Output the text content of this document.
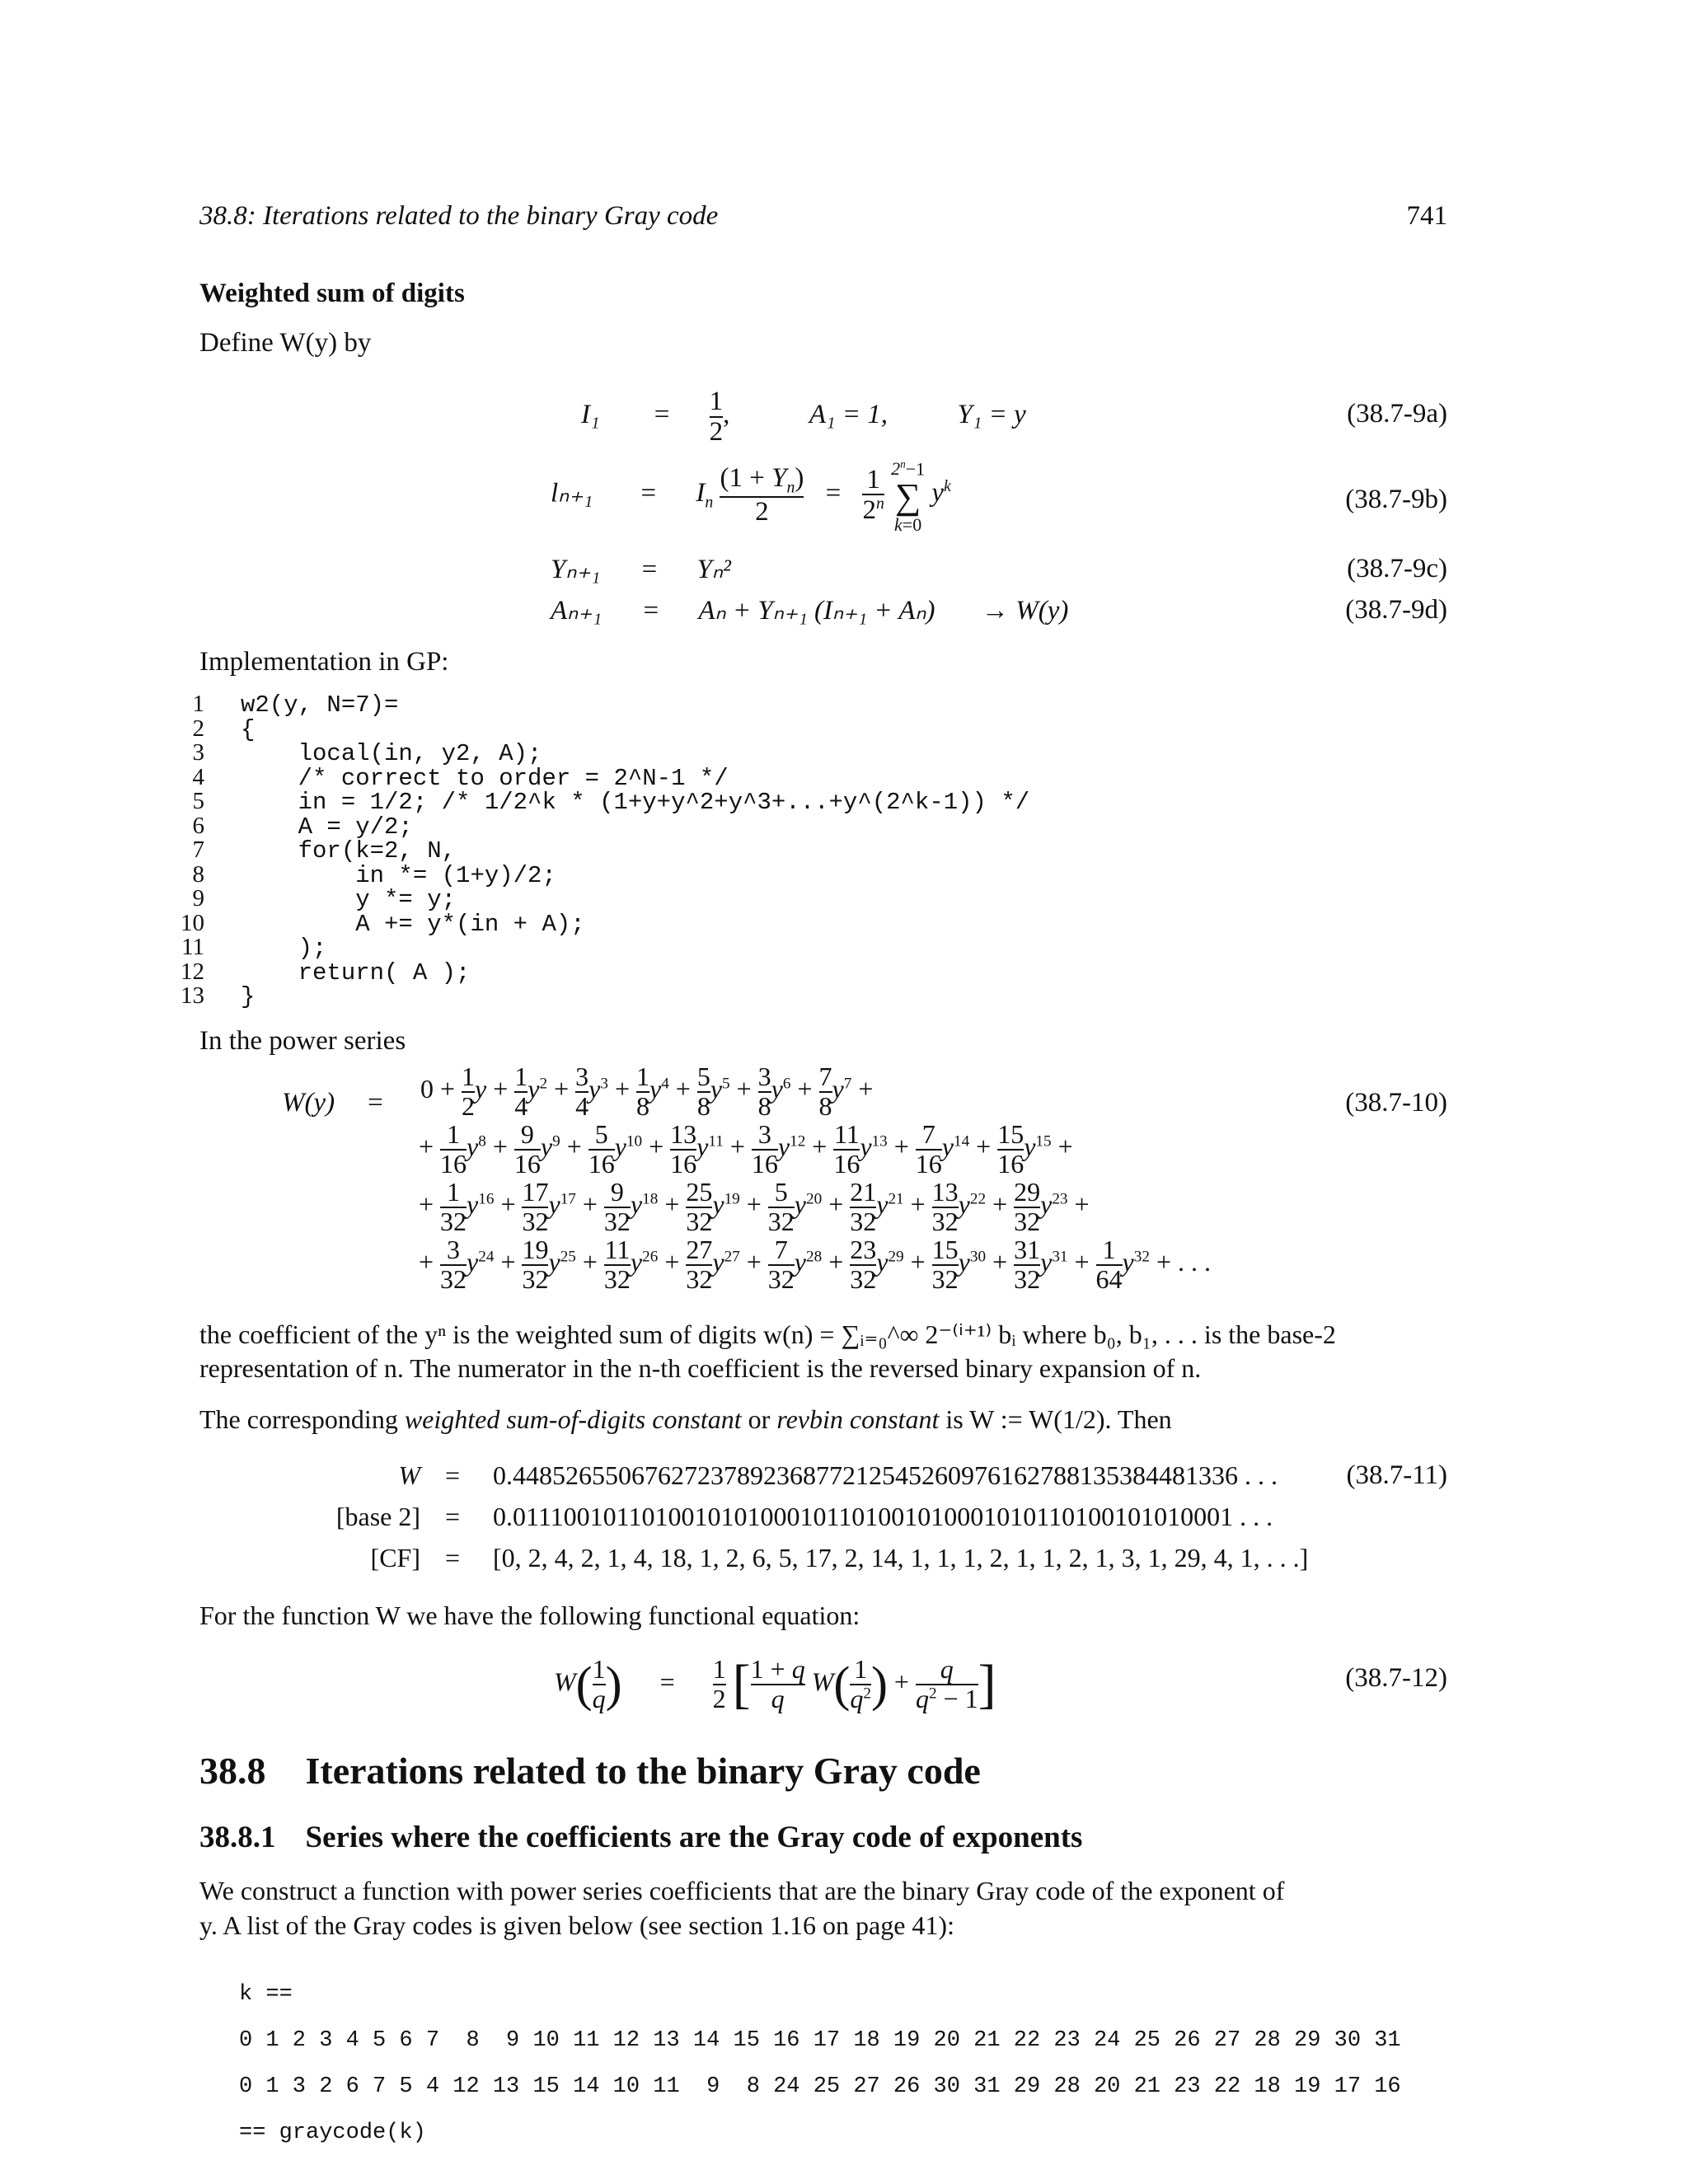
38.8: Iterations related to the binary Gray code	741
Weighted sum of digits
Define W(y) by
$I_1 = \frac{1}{2}$ ,	A₁ = 1,	Y₁ = y	(38.7-9a)
$l_{n+1} = I_n \frac{(1 + Y_n)}{2} = \frac{1}{2^n}$
$2^n-1$
∑
k=0
$y^k$	(38.7-9b)
Yₙ₊₁ = Yₙ²	(38.7-9c)
Aₙ₊₁ = Aₙ + Yₙ₊₁ (Iₙ₊₁ + Aₙ) → W(y)	(38.7-9d)
Implementation in GP:
1 w2(y, N=7)=
2 {
3    local(in, y2, A);
4    /* correct to order = 2^N-1 */
5    in = 1/2; /* 1/2^k * (1+y+y^2+y^3+...+y^(2^k-1)) */
6    A = y/2;
7    for(k=2, N,
8        in *= (1+y)/2;
9        y *= y;
10        A += y*(in + A);
11    );
12    return( A );
13 }
In the power series
(38.7-10)
$W(y) = 0 + \frac{1}{2}$ $y + \frac{1}{4} y^2 + \frac{3}{4} y^3 + \frac{1}{8} y^4 + \frac{5}{8} y^5 + \frac{3}{8} y^6 + \frac{7}{8} y^7$ +
+ $\frac{1}{16} y^8 + \frac{9}{16} y^9 + \frac{5}{16} y^{10} + \frac{13}{16} y^{11} + \frac{3}{16} y^{12} + \frac{11}{16} y^{13} + \frac{7}{16} y^{14} + \frac{15}{16} y^{15}$ +
+ $\frac{1}{32} y^{16} + \frac{17}{32} y^{17} + \frac{9}{32} y^{18} + \frac{25}{32} y^{19} + \frac{5}{32} y^{20} + \frac{21}{32} y^{21} + \frac{13}{32} y^{22} + \frac{29}{32} y^{23}$ +
+ $\frac{3}{32} y^{24} + \frac{19}{32} y^{25} + \frac{11}{32} y^{26} + \frac{27}{32} y^{27} + \frac{7}{32} y^{28} + \frac{23}{32} y^{29} + \frac{15}{32} y^{30} + \frac{31}{32} y^{31} + \frac{1}{64} y^{32}$ + . . .
the coefficient of the yⁿ is the weighted sum of digits w(n) = ∑ᵢ₌₀^∞ 2⁻⁽ⁱ⁺¹⁾ bᵢ where b₀, b₁, . . . is the base-2
representation of n. The numerator in the n-th coefficient is the reversed binary expansion of n.
The corresponding weighted sum-of-digits constant or revbin constant is W := W(1/2). Then
W = 0.4485265506762723789236877212545260976162788135384481336 . . .	(38.7-11)
[base 2] = 0.0111001011010010101000101101001010001010110100101010001 . . .
[CF] = [0, 2, 4, 2, 1, 4, 18, 1, 2, 6, 5, 17, 2, 14, 1, 1, 1, 2, 1, 1, 2, 1, 3, 1, 29, 4, 1, . . .]
For the function W we have the following functional equation:
$W( \frac{1}{q}$ ) = $\frac{1}{2}$ [ $\frac{1 + q}{q} W( \frac{1}{q^2}$ ) + $\frac{q}{q^2 - 1}$ ]	(38.7-12)
38.8 Iterations related to the binary Gray code
38.8.1 Series where the coefficients are the Gray code of exponents
We construct a function with power series coefficients that are the binary Gray code of the exponent of
y. A list of the Gray codes is given below (see section 1.16 on page 41):

k ==

0 1 2 3 4 5 6 7  8  9 10 11 12 13 14 15 16 17 18 19 20 21 22 23 24 25 26 27 28 29 30 31

0 1 3 2 6 7 5 4 12 13 15 14 10 11  9  8 24 25 27 26 30 31 29 28 20 21 23 22 18 19 17 16

== graycode(k)
